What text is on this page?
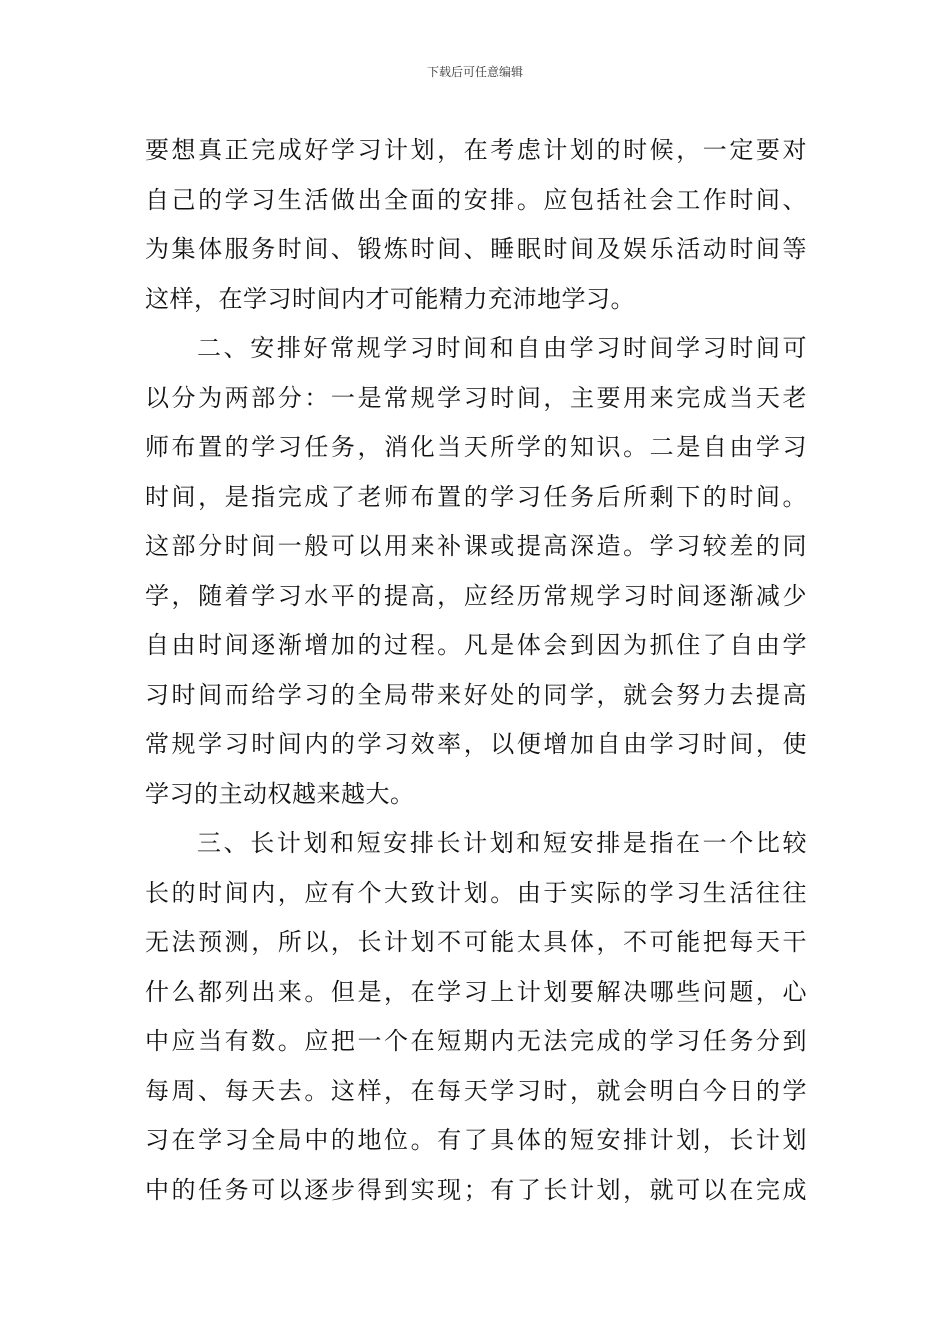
下载后可任意编辑
要想真正完成好学习计划，在考虑计划的时候，一定要对
自己的学习生活做出全面的安排。应包括社会工作时间、
为集体服务时间、锻炼时间、睡眠时间及娱乐活动时间等
这样，在学习时间内才可能精力充沛地学习。
二、安排好常规学习时间和自由学习时间学习时间可
以分为两部分：一是常规学习时间，主要用来完成当天老
师布置的学习任务，消化当天所学的知识。二是自由学习
时间，是指完成了老师布置的学习任务后所剩下的时间。
这部分时间一般可以用来补课或提高深造。学习较差的同
学，随着学习水平的提高，应经历常规学习时间逐渐减少
自由时间逐渐增加的过程。凡是体会到因为抓住了自由学
习时间而给学习的全局带来好处的同学，就会努力去提高
常规学习时间内的学习效率，以便增加自由学习时间，使
学习的主动权越来越大。
三、长计划和短安排长计划和短安排是指在一个比较
长的时间内，应有个大致计划。由于实际的学习生活往往
无法预测，所以，长计划不可能太具体，不可能把每天干
什么都列出来。但是，在学习上计划要解决哪些问题，心
中应当有数。应把一个在短期内无法完成的学习任务分到
每周、每天去。这样，在每天学习时，就会明白今日的学
习在学习全局中的地位。有了具体的短安排计划，长计划
中的任务可以逐步得到实现；有了长计划，就可以在完成
